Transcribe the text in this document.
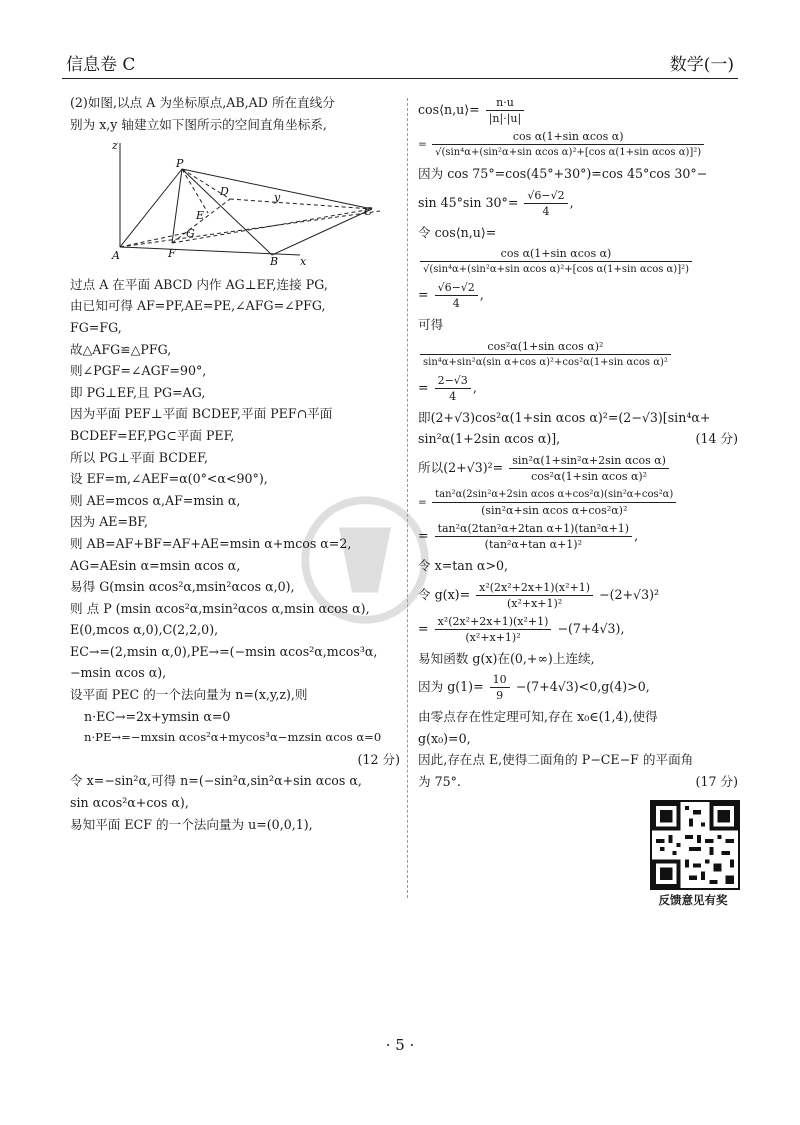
信息卷 C	数学(一)
(2)如图,以点 A 为坐标原点,AB,AD 所在直线分
别为 x,y 轴建立如下图所示的空间直角坐标系,
z
P
y
D
E
G
C
A	F
B x
过点 A 在平面 ABCD 内作 AG⊥EF,连接 PG,
由已知可得 AF=PF,AE=PE,∠AFG=∠PFG,
FG=FG,
故△AFG≌△PFG,
则∠PGF=∠AGF=90°,
即 PG⊥EF,且 PG=AG,
因为平面 PEF⊥平面 BCDEF,平面 PEF∩平面
BCDEF=EF,PG⊂平面 PEF,
所以 PG⊥平面 BCDEF,
设 EF=m,∠AEF=α(0°<α<90°),
则 AE=mcos α,AF=msin α,
因为 AE=BF,
则 AB=AF+BF=AF+AE=msin α+mcos α=2,
AG=AEsin α=msin αcos α,
易得 G(msin αcos²α,msin²αcos α,0),
则 点 P (msin αcos²α,msin²αcos α,msin αcos α),
E(0,mcos α,0),C(2,2,0),
EC→=(2,msin α,0),PE→=(−msin αcos²α,mcos³α,
−msin αcos α),
设平面 PEC 的一个法向量为 n=(x,y,z),则
n·EC→=2x+ymsin α=0
n·PE→=−mxsin αcos²α+mycos³α−mzsin αcos α=0
(12 分)

令 x=−sin²α,可得 n=(−sin²α,sin²α+sin αcos α,
sin αcos²α+cos α),
易知平面 ECF 的一个法向量为 u=(0,0,1),
cos⟨n,u⟩= $\frac{n\cdot u}{|n|\cdot|u|}$
= $\frac{\text{cos α(1+sin αcos α)}}{\text{√(sin⁴α+(sin²α+sin αcos α)²+[cos α(1+sin αcos α)]²)}}$
因为 cos 75°=cos(45°+30°)=cos 45°cos 30°−
sin 45°sin $30^\circ= \frac{√6-√2}{4}$ ,
令 cos⟨n,u⟩=
$\frac{\text{cos α(1+sin αcos α)}}{\text{√(sin⁴α+(sin²α+sin αcos α)²+[cos α(1+sin αcos α)]²)}}$
= $\frac{√6-√2}{4}$ ,
可得
$\frac{\text{cos²α(1+sin αcos α)²}}{\text{sin⁴α+sin²α(sin α+cos α)²+cos²α(1+sin αcos α)²}}$
= $\frac{2-√3}{4}$ ,
即(2+√3)cos²α(1+sin αcos α)²=(2−√3)[sin⁴α+
sin²α(1+2sin αcos α)],	(14 分)
所以$(2+√3)^2= \frac{\text{sin²α(1+sin²α+2sin αcos α)}}{\text{cos²α(1+sin αcos α)²}}$
= $\frac{\text{tan²α(2sin²α+2sin αcos α+cos²α)(sin²α+cos²α)}}{\text{(sin²α+sin αcos α+cos²α)²}}$
= $\frac{\text{tan²α(2tan²α+2tan α+1)(tan²α+1)}}{\text{(tan²α+tan α+1)²}}$ ,
令 x=tan α>0,
令 $g(x)= \frac{\text{x²(2x²+2x+1)(x²+1)}}{\text{(x²+x+1)²}} -(2+√3)^2$
= $\frac{\text{x²(2x²+2x+1)(x²+1)}}{\text{(x²+x+1)²}} -(7+4√3)$,
易知函数 g(x)在(0,+∞)上连续,
因为 $g(1)= \frac{10}{9} -(7+4√3)<0,g(4)>0$,
由零点存在性定理可知,存在 x₀∈(1,4),使得
g(x₀)=0,
因此,存在点 E,使得二面角的 P−CE−F 的平面角
为 75°.	(17 分)
反馈意见有奖
· 5 ·
